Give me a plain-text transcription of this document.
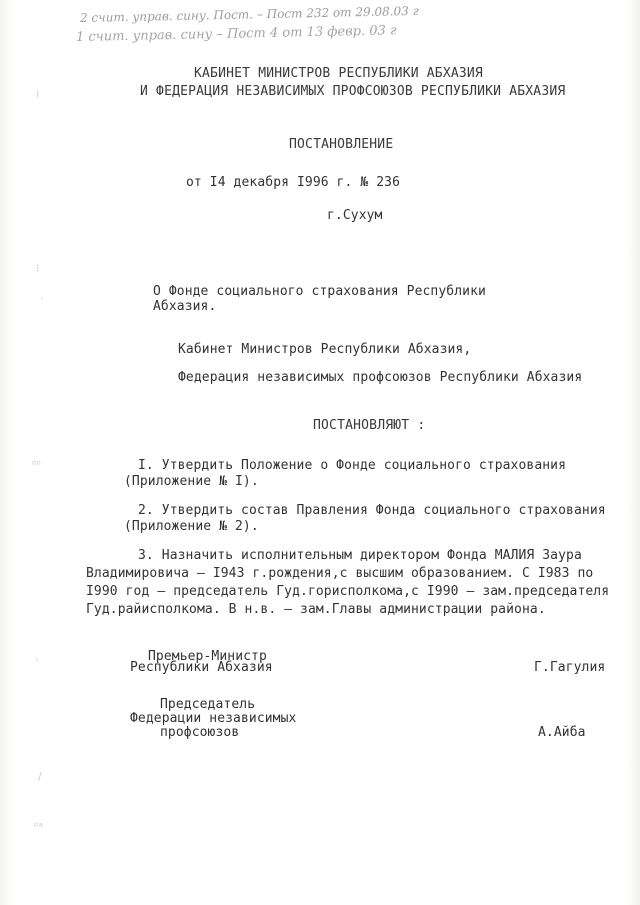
2 счит. управ. сину. Пост. – Пост 232 от 29.08.03 г
1 счит. управ. сину – Пост 4 от 13 февр. 03 г
⁞
⁝
·
ᵒᵒ
ⁱ
/
ᵒᵃ
КАБИНЕТ МИНИСТРОВ РЕСПУБЛИКИ АБХАЗИЯ
И ФЕДЕРАЦИЯ НЕЗАВИСИМЫХ ПРОФСОЮЗОВ РЕСПУБЛИКИ АБХАЗИЯ
ПОСТАНОВЛЕНИЕ
от I4 декабря I996 г. № 236
г.Сухум
О Фонде социального страхования Республики
Абхазия.
Кабинет Министров Республики Абхазия,
Федерация независимых профсоюзов Республики Абхазия
ПОСТАНОВЛЯЮТ :
I. Утвердить Положение о Фонде социального страхования
(Приложение № I).
2. Утвердить состав Правления Фонда социального страхования
(Приложение № 2).
3. Назначить исполнительным директором Фонда МАЛИЯ Заура
Владимировича – I943 г.рождения,с высшим образованием. С I983 по
I990 год – председатель Гуд.горисполкома,с I990 – зам.председателя
Гуд.райисполкома. В н.в. – зам.Главы администрации района.
Премьер-Министр
Республики Абхазия	Г.Гагулия
Председатель
Федерации независимых
профсоюзов	А.Айба
